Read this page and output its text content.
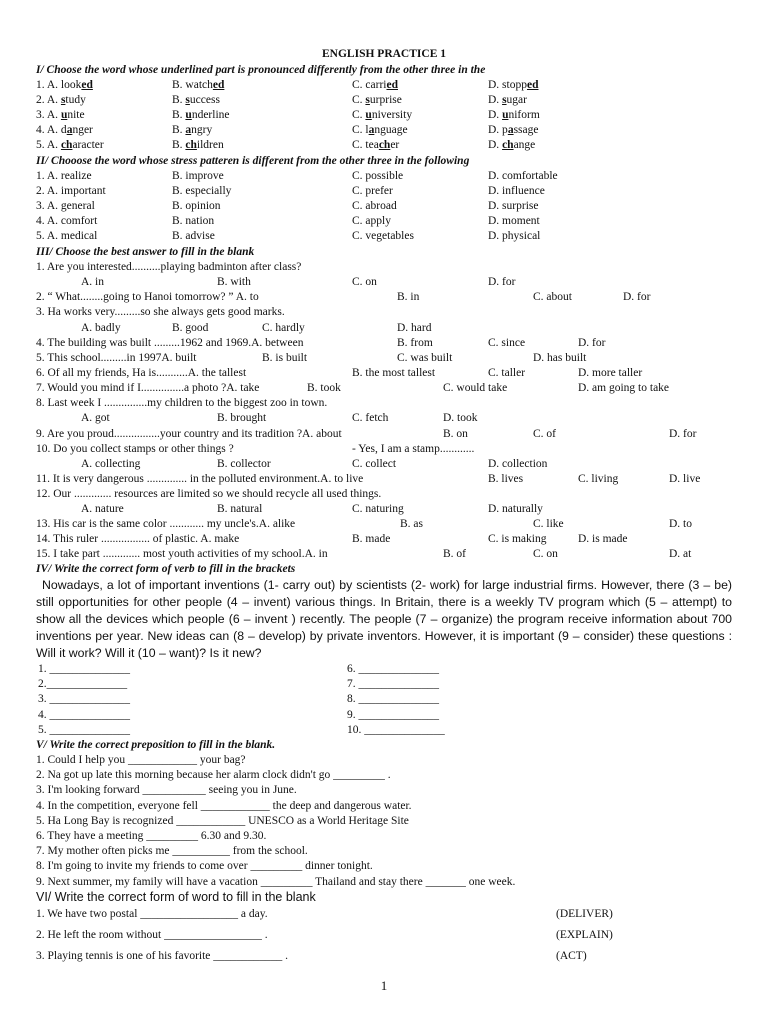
ENGLISH PRACTICE 1
I/ Choose the word whose underlined part is pronounced differently from the other three in the
1. A. looked	B. watched	C. carried	D. stopped
2. A. study	B. success	C. surprise	D. sugar
3. A. unite	B. underline	C. university	D. uniform
4. A. danger	B. angry	C. language	D. passage
5. A. character	B. children	C. teacher	D. change
II/ Chooose the word whose stress patteren is different from the other three in the following
1. A. realize	B. improve	C. possible	D. comfortable
2. A. important	B. especially	C. prefer	D. influence
3. A. general	B. opinion	C. abroad	D. surprise
4. A. comfort	B. nation	C. apply	D. moment
5. A. medical	B. advise	C. vegetables	D. physical
III/ Choose the best answer to fill in the blank
1. Are you interested..........playing badminton after class?
A. in	B. with	C. on	D. for
2. “ What........going to Hanoi tomorrow? ” A. to	B. in	C. about	D. for
3. Ha works very.........so she always gets good marks.
A. badly	B. good	C. hardly	D. hard
4. The building was built .........1962 and 1969.A. between	B. from	C. since	D. for
5. This school.........in 1997A. built	B. is built	C. was built	D. has built
6. Of all my friends, Ha is...........A. the tallest	B. the most tallest	C. taller	D. more taller
7. Would you mind if I...............a photo ?A. take	B. took	C. would take	D. am going to take
8. Last week I ...............my children to the biggest zoo in town.
A. got	B. brought	C. fetch	D. took
9. Are you proud................your country and its tradition ?A. about	B. on	C. of	D. for
10. Do you collect stamps or other things ?	- Yes, I am a stamp............
A. collecting	B. collector	C. collect	D. collection
11. It is very dangerous .............. in the polluted environment.A. to live	B. lives	C. living	D. live
12. Our ............. resources are limited so we should recycle all used things.
A. nature	B. natural	C. naturing	D. naturally
13. His car is the same color ............ my uncle's.A. alike	B. as	C. like	D. to
14. This ruler ................. of plastic. A. make	B. made	C. is making	D. is made
15. I take part ............. most youth activities of my school.A. in	B. of	C. on	D. at
IV/ Write the correct form of verb to fill in the brackets
Nowadays, a lot of important inventions (1- carry out) by scientists (2- work) for large industrial firms. However, there (3 – be) still opportunities for other people (4 – invent) various things. In Britain, there is a weekly TV program which (5 – attempt) to show all the devices which people (6 – invent ) recently. The people (7 – organize) the program receive information about 700 inventions per year. New ideas can (8 – develop) by private inventors. However, it is important (9 – consider) these questions : Will it work? Will it (10 – want)? Is it new?
1. ______________	6. ______________
2.______________	7. ______________
3. ______________	8. ______________
4. ______________	9. ______________
5. ______________	10. ______________
V/ Write the correct preposition to fill in the blank.
1. Could I help you ____________ your bag?
2. Na got up late this morning because her alarm clock didn't go _________ .
3. I'm looking forward ___________ seeing you in June.
4. In the competition, everyone fell ____________ the deep and dangerous water.
5. Ha Long Bay is recognized ____________ UNESCO as a World Heritage Site
6. They have a meeting _________ 6.30 and 9.30.
7. My mother often picks me __________ from the school.
8. I'm going to invite my friends to come over _________ dinner tonight.
9. Next summer, my family will have a vacation _________ Thailand and stay there _______ one week.
VI/ Write the correct form of word to fill in the blank
1. We have two postal _________________ a day.	(DELIVER)
2. He left the room without _________________ .	(EXPLAIN)
3. Playing tennis is one of his favorite ____________ .	(ACT)
1
